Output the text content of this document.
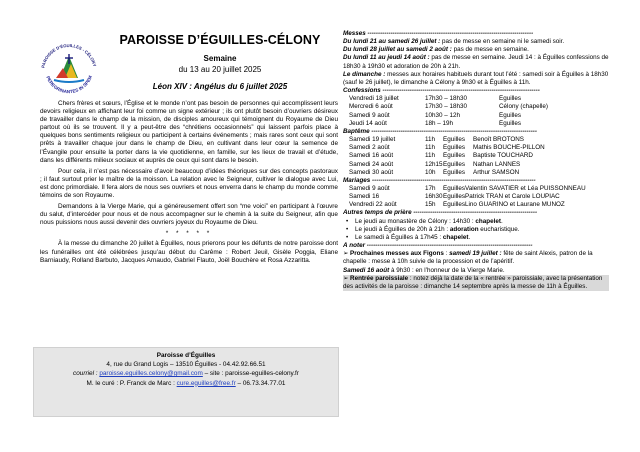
PAROISSE D'ÉGUILLES - CÉLONY
PEREGRINANTES IN SPEM
PAROISSE D’ÉGUILLES-CÉLONY
Semaine
du 13 au 20 juillet 2025
Léon XIV : Angélus du 6 juillet 2025

Chers frères et sœurs, l’Église et le monde n’ont pas besoin de personnes qui accomplissent leurs devoirs religieux en affichant leur foi comme un signe extérieur ; ils ont plutôt besoin d’ouvriers désireux de travailler dans le champ de la mission, de disciples amoureux qui témoignent du Royaume de Dieu partout où ils se trouvent. Il y a peut-être des “chrétiens occasionnels” qui laissent parfois place à quelques bons sentiments religieux ou participent à certains événements ; mais rares sont ceux qui sont prêts à travailler chaque jour dans le champ de Dieu, en cultivant dans leur cœur la semence de l’Évangile pour ensuite la porter dans la vie quotidienne, en famille, sur les lieux de travail et d’étude, dans les différents milieux sociaux et auprès de ceux qui sont dans le besoin.

Pour cela, il n’est pas nécessaire d’avoir beaucoup d’idées théoriques sur des concepts pastoraux ; il faut surtout prier le maître de la moisson. La relation avec le Seigneur, cultiver le dialogue avec Lui, est donc primordiale. Il fera alors de nous ses ouvriers et nous enverra dans le champ du monde comme témoins de son Royaume.

Demandons à la Vierge Marie, qui a généreusement offert son “me voici” en participant à l’œuvre du salut, d’intercéder pour nous et de nous accompagner sur le chemin à la suite du Seigneur, afin que nous puissions nous aussi devenir des ouvriers joyeux du Royaume de Dieu.

* * * * *

À la messe du dimanche 20 juillet à Éguilles, nous prierons pour les défunts de notre paroisse dont les funérailles ont été célébrées jusqu’au début du Carême : Robert Jeuil, Gisèle Poggia, Eliane Barniaudy, Rolland Barbuto, Jacques Arnaudo, Gabriel Flauto, Joël Bouchère et Rosa Azzaritta.

Paroisse d’Éguilles
4, rue du Grand Logis – 13510 Éguilles - 04.42.92.66.51
courriel : paroisse.eguilles.celony@gmail.com – site : paroisse-eguilles-celony.fr
M. le curé : P. Franck de Marc : cure.eguilles@free.fr – 06.73.34.77.01
Messes -------------------------------------------------------------------------------

Du lundi 21 au samedi 26 juillet : pas de messe en semaine ni le samedi soir.

Du lundi 28 juillet au samedi 2 août : pas de messe en semaine.

Du lundi 11 au jeudi 14 août : pas de messe en semaine. Jeudi 14 : à Éguilles confessions de 18h30 à 19h30 et adoration de 20h à 21h.

Le dimanche : messes aux horaires habituels durant tout l’été : samedi soir à Éguilles à 18h30 (sauf le 26 juillet), le dimanche à Célony à 9h30 et à Éguilles à 11h.

Confessions ---------------------------------------------------------------------------
Vendredi 18 juillet	17h30 – 18h30	Éguilles
Mercredi 6 août	17h30 – 18h30	Célony (chapelle)
Samedi 9 août	10h30 – 12h	Éguilles
Jeudi 14 août	18h – 19h	Éguilles
Baptême -------------------------------------------------------------------------------
Samedi 19 juillet	11h	Éguilles	Benoît BROTONS
Samedi 2 août	11h	Éguilles	Mathis BOUCHÉ-PILLON
Samedi 16 août	11h	Éguilles	Baptiste TOUCHARD
Samedi 24 août	12h15 Éguilles	Nathan LANNES
Samedi 30 août	10h	Éguilles	Arthur SAMSON
Mariages ------------------------------------------------------------------------------
Samedi 9 août	17h	Éguilles Valentin SAVATIER et Léa PUISSONNEAU
Samedi 16	16h30 Éguilles Patrick TRAN et Carole LOUPIAC
Vendredi 22 août	15h	Éguilles Lino GUARINO et Laurane MUNOZ
Autres temps de prière -----------------------------------------------------------

• Le jeudi au monastère de Célony : 14h30 : chapelet.

• Le jeudi à Éguilles de 20h à 21h : adoration eucharistique.

• Le samedi à Éguilles à 17h45 : chapelet.

À noter -------------------------------------------------------------------------------

➢ Prochaines messes aux Figons : samedi 19 juillet : fête de saint Alexis, patron de la chapelle : messe à 10h suivie de la procession et de l’apéritif.

Samedi 16 août à 9h30 : en l’honneur de la Vierge Marie.

➢ Rentrée paroissiale : notez déjà la date de la « rentrée » paroissiale, avec la présentation des activités de la paroisse : dimanche 14 septembre après la messe de 11h à Éguilles.
